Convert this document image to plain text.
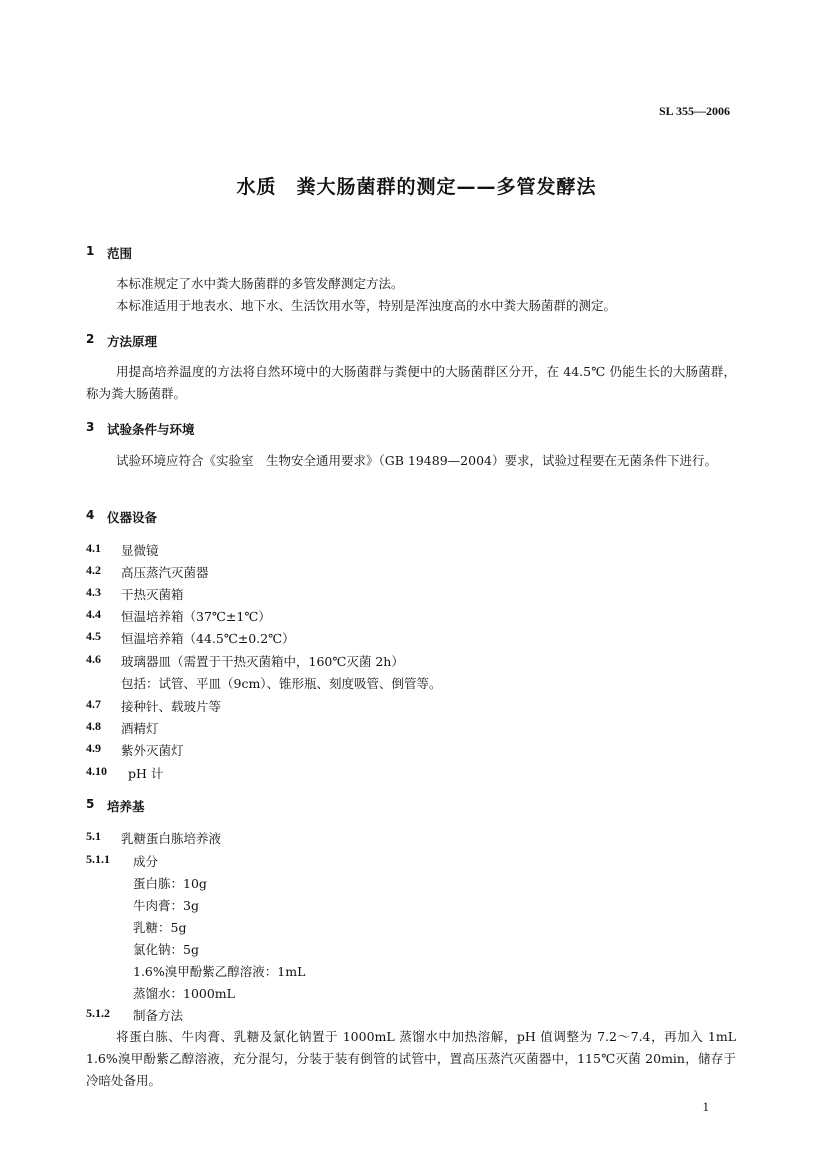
SL 355—2006
水质　粪大肠菌群的测定——多管发酵法
1 范围

本标准规定了水中粪大肠菌群的多管发酵测定方法。

本标准适用于地表水、地下水、生活饮用水等，特别是浑浊度高的水中粪大肠菌群的测定。

2 方法原理

用提高培养温度的方法将自然环境中的大肠菌群与粪便中的大肠菌群区分开，在 44.5℃ 仍能生长的大肠菌群，称为粪大肠菌群。

3 试验条件与环境

试验环境应符合《实验室　生物安全通用要求》（GB 19489—2004）要求，试验过程要在无菌条件下进行。

4 仪器设备
4.1 显微镜
4.2 高压蒸汽灭菌器
4.3 干热灭菌箱
4.4 恒温培养箱（37℃±1℃）
4.5 恒温培养箱（44.5℃±0.2℃）
4.6 玻璃器皿（需置于干热灭菌箱中，160℃灭菌 2h）
包括：试管、平皿（9cm）、锥形瓶、刻度吸管、倒管等。
4.7 接种针、载玻片等
4.8 酒精灯
4.9 紫外灭菌灯
4.10 pH 计
5 培养基
5.1 乳糖蛋白胨培养液
5.1.1 成分
蛋白胨：10g
牛肉膏：3g
乳糖：5g
氯化钠：5g
1.6%溴甲酚紫乙醇溶液：1mL
蒸馏水：1000mL
5.1.2 制备方法

将蛋白胨、牛肉膏、乳糖及氯化钠置于 1000mL 蒸馏水中加热溶解，pH 值调整为 7.2～7.4，再加入 1mL 1.6%溴甲酚紫乙醇溶液，充分混匀，分装于装有倒管的试管中，置高压蒸汽灭菌器中，115℃灭菌 20min，储存于冷暗处备用。

1
